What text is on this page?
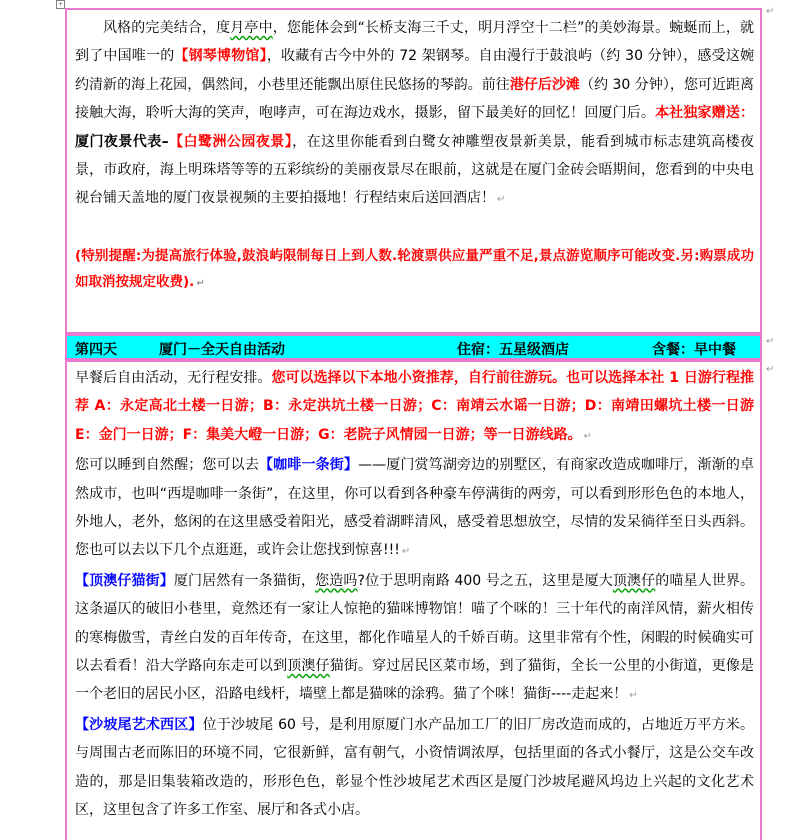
+
↵
↵
↵

风格的完美结合，度月亭中，您能体会到“长桥支海三千丈，明月浮空十二栏”的美妙海景。蜿蜒而上，就到了中国唯一的【钢琴博物馆】，收藏有古今中外的 72 架钢琴。自由漫行于鼓浪屿（约 30 分钟），感受这婉约清新的海上花园，偶然间，小巷里还能飘出原住民悠扬的琴韵。前往港仔后沙滩（约 30 分钟），您可近距离接触大海，聆听大海的笑声，咆哮声，可在海边戏水，摄影，留下最美好的回忆！回厦门后。本社独家赠送：厦门夜景代表–【白鹭洲公园夜景】，在这里你能看到白鹭女神雕塑夜景新美景，能看到城市标志建筑高楼夜景，市政府，海上明珠塔等等的五彩缤纷的美丽夜景尽在眼前，这就是在厦门金砖会晤期间，您看到的中央电视台铺天盖地的厦门夜景视频的主要拍摄地！行程结束后送回酒店！ ↵

(特别提醒:为提高旅行体验,鼓浪屿限制每日上到人数.轮渡票供应量严重不足,景点游览顺序可能改变.另:购票成功如取消按规定收费). ↵

第四天	厦门－全天自由活动	住宿：五星级酒店	含餐：早中餐

早餐后自由活动，无行程安排。您可以选择以下本地小资推荐，自行前往游玩。也可以选择本社 1 日游行程推荐 A：永定高北土楼一日游；B：永定洪坑土楼一日游；C：南靖云水谣一日游；D：南靖田螺坑土楼一日游 E：金门一日游；F：集美大嶝一日游；G：老院子风情园一日游；等一日游线路。 ↵

您可以睡到自然醒；您可以去【咖啡一条街】——厦门赏笃湖旁边的别墅区，有商家改造成咖啡厅，渐渐的卓然成市，也叫“西堤咖啡一条街”，在这里，你可以看到各种豪车停满街的两旁，可以看到形形色色的本地人，外地人，老外，悠闲的在这里感受着阳光，感受着湖畔清风，感受着思想放空，尽情的发呆徜徉至日头西斜。您也可以去以下几个点逛逛，或许会让您找到惊喜!!! ↵

【顶澳仔猫街】厦门居然有一条猫街，您造吗?位于思明南路 400 号之五，这里是厦大顶澳仔的喵星人世界。这条逼仄的破旧小巷里，竟然还有一家让人惊艳的猫咪博物馆！喵了个咪的！三十年代的南洋风情，薪火相传的寒梅傲雪，青丝白发的百年传奇，在这里，都化作喵星人的千娇百萌。这里非常有个性，闲暇的时候确实可以去看看！沿大学路向东走可以到顶澳仔猫街。穿过居民区菜市场，到了猫街，全长一公里的小街道，更像是一个老旧的居民小区，沿路电线杆，墙壁上都是猫咪的涂鸦。猫了个咪！猫街----走起来！ ↵

【沙坡尾艺术西区】位于沙坡尾 60 号，是利用原厦门水产品加工厂的旧厂房改造而成的，占地近万平方米。与周围古老而陈旧的环境不同，它很新鲜，富有朝气，小资情调浓厚，包括里面的各式小餐厅，这是公交车改造的，那是旧集装箱改造的，形形色色，彰显个性沙坡尾艺术西区是厦门沙坡尾避风坞边上兴起的文化艺术区，这里包含了许多工作室、展厅和各式小店。
